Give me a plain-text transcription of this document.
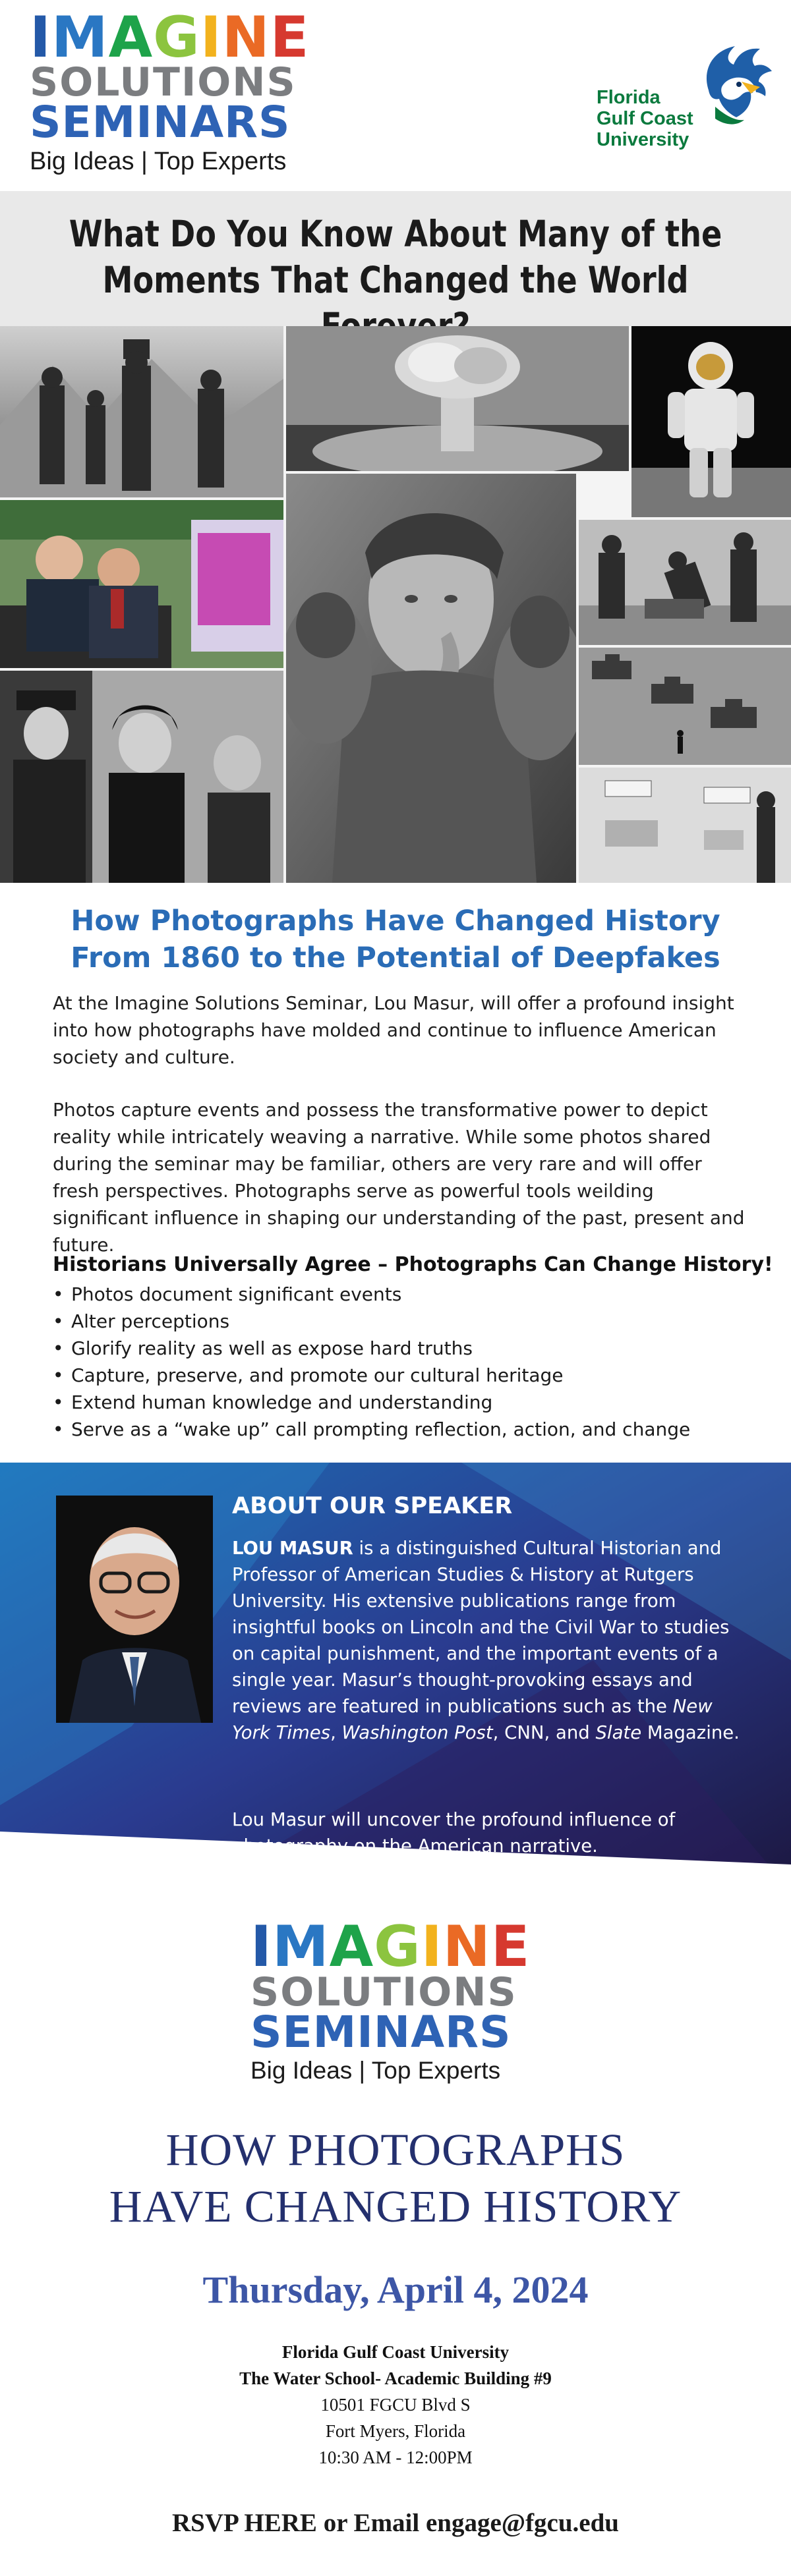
I M A G I N E
SOLUTIONS
SEMINARS
Big Ideas | Top Experts
Florida
Gulf Coast
University
What Do You Know About Many of the
Moments That Changed the World
How Photographs Have Changed History
From 1860 to the Potential of Deepfakes

At the Imagine Solutions Seminar, Lou Masur, will offer a profound insight into how photographs have molded and continue to influence American society and culture.

Photos capture events and possess the transformative power to depict reality while intricately weaving a narrative. While some photos shared during the seminar may be familiar, others are very rare and will offer fresh perspectives. Photographs serve as powerful tools weilding significant influence in shaping our understanding of the past, present and future.

Historians Universally Agree – Photographs Can Change History!
• Photos document significant events
• Alter perceptions
• Glorify reality as well as expose hard truths
• Capture, preserve, and promote our cultural heritage
• Extend human knowledge and understanding
• Serve as a “wake up” call prompting reflection, action, and change
ABOUT OUR SPEAKER

LOU MASUR is a distinguished Cultural Historian and Professor of American Studies & History at Rutgers University. His extensive publications range from insightful books on Lincoln and the Civil War to studies on capital punishment, and the important events of a single year. Masur’s thought-provoking essays and reviews are featured in publications such as the New York Times, Washington Post, CNN, and Slate Magazine.

Lou Masur will uncover the profound influence of photography on the American narrative.

I M A G I N E
SOLUTIONS
SEMINARS
Big Ideas | Top Experts
HOW PHOTOGRAPHS
HAVE CHANGED HISTORY
Thursday, April 4, 2024
Florida Gulf Coast University
The Water School- Academic Building #9
10501 FGCU Blvd S
Fort Myers, Florida
10:30 AM - 12:00PM
RSVP HERE or Email engage@fgcu.edu
